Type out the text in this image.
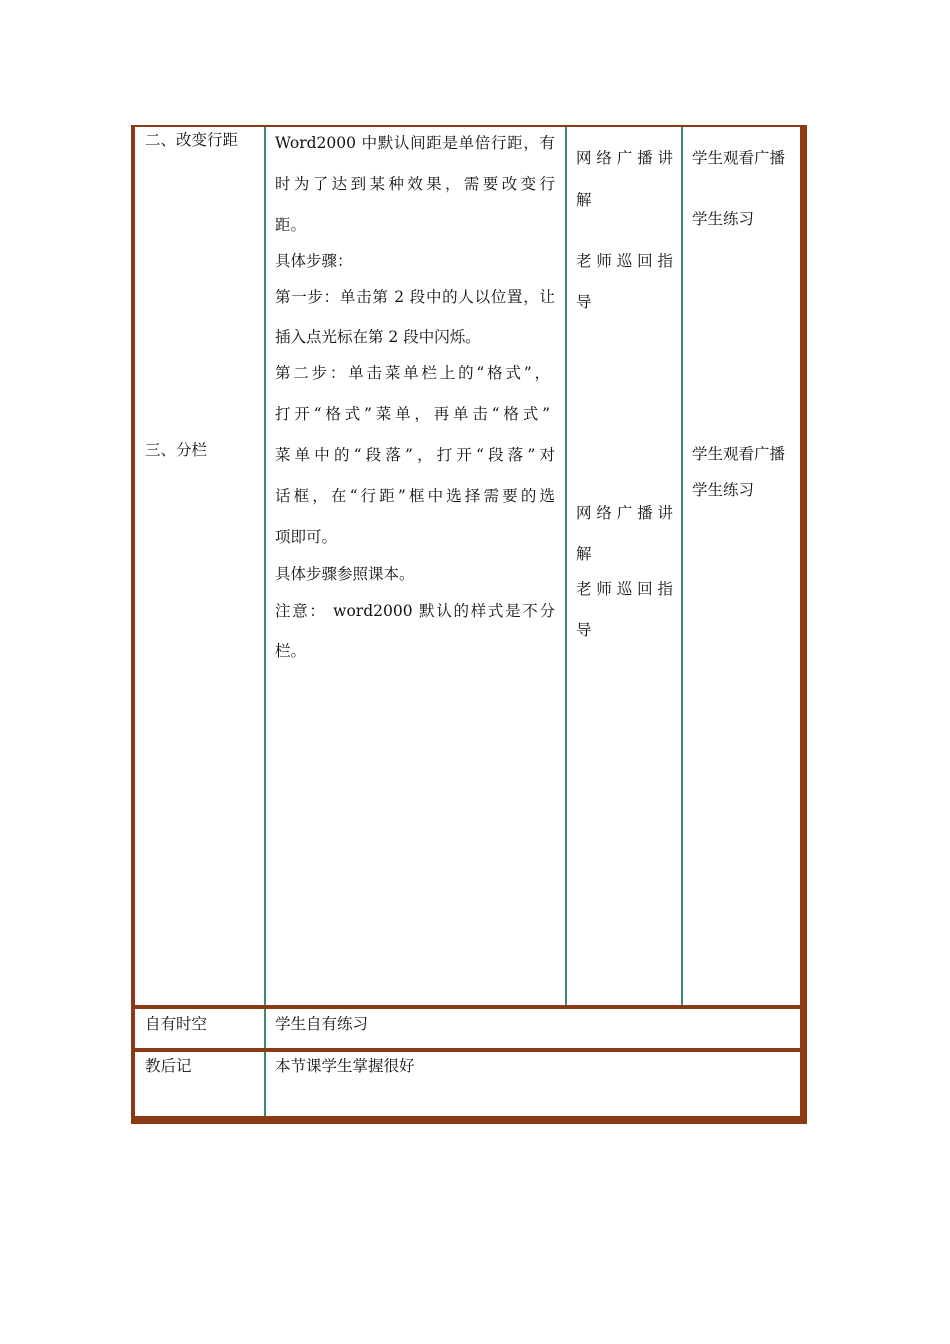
二、改变行距
三、分栏
Word2000 中默认间距是单倍行距，有
时为了达到某种效果，需要改变行
距。
具体步骤：
第一步：单击第 2 段中的人以位置，让
插入点光标在第 2 段中闪烁。
第二步：单击菜单栏上的“格式”，
打开“格式”菜单，再单击“格式”
菜单中的“段落”，打开“段落”对
话框，在“行距”框中选择需要的选
项即可。
具体步骤参照课本。
注意： word2000 默认的样式是不分
栏。
网络广播讲
解
老师巡回指
导
网络广播讲
解
老师巡回指
导
学生观看广播
学生练习
学生观看广播
学生练习
自有时空	学生自有练习
教后记	本节课学生掌握很好
